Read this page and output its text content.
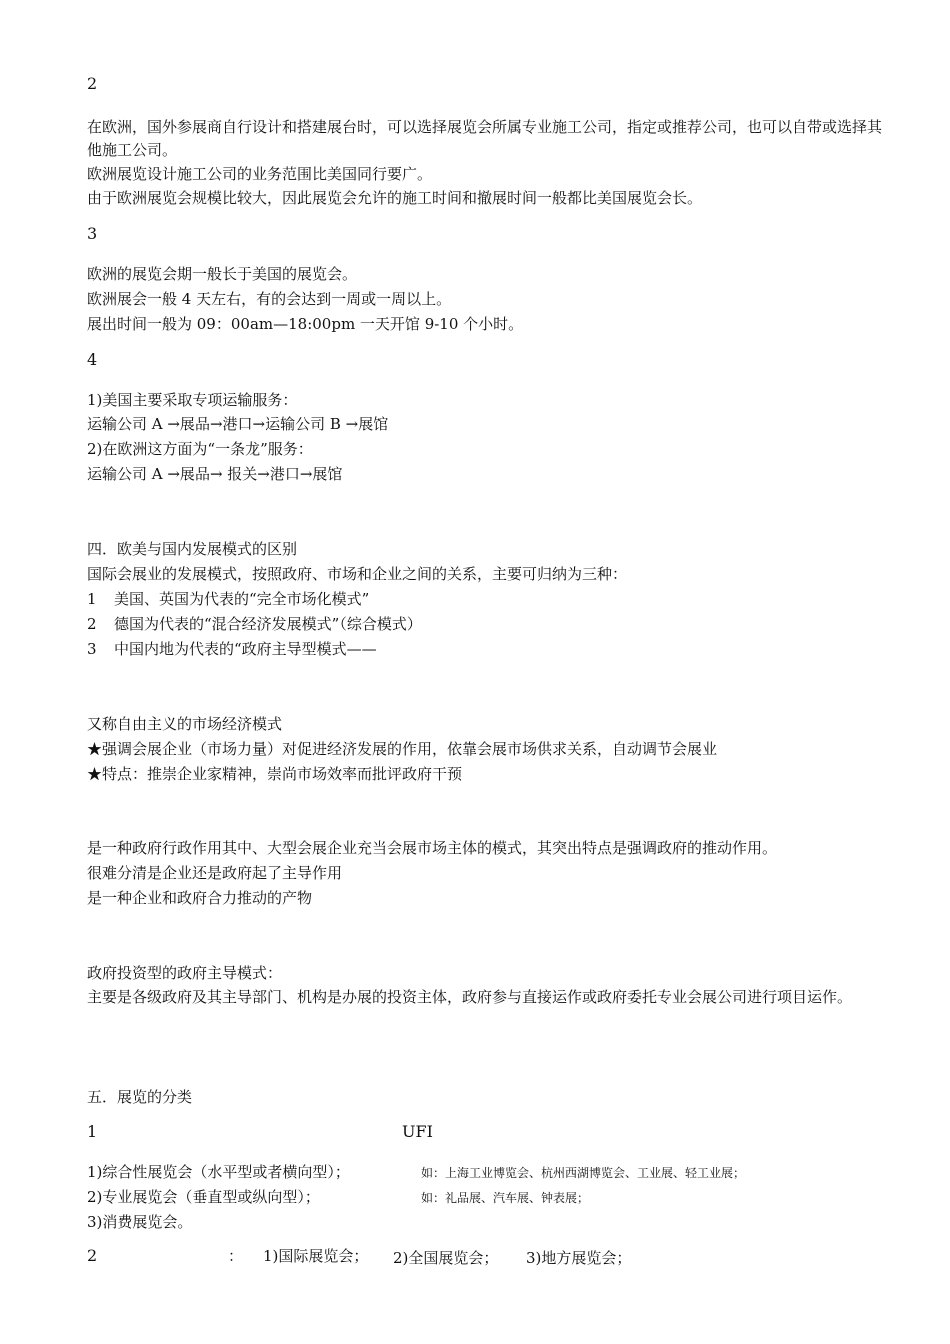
2
在欧洲，国外参展商自行设计和搭建展台时，可以选择展览会所属专业施工公司，指定或推荐公司，也可以自带或选择其他施工公司。
欧洲展览设计施工公司的业务范围比美国同行要广。
由于欧洲展览会规模比较大，因此展览会允许的施工时间和撤展时间一般都比美国展览会长。
3
欧洲的展览会期一般长于美国的展览会。
欧洲展会一般 4 天左右，有的会达到一周或一周以上。
展出时间一般为 09：00am—18:00pm 一天开馆 9-10 个小时。
4
1)美国主要采取专项运输服务：
运输公司 A →展品→港口→运输公司 B →展馆
2)在欧洲这方面为“一条龙”服务：
运输公司 A →展品→ 报关→港口→展馆
四．欧美与国内发展模式的区别
国际会展业的发展模式，按照政府、市场和企业之间的关系，主要可归纳为三种：
1 美国、英国为代表的“完全市场化模式”
2 德国为代表的“混合经济发展模式”（综合模式）
3 中国内地为代表的“政府主导型模式——
又称自由主义的市场经济模式
★强调会展企业（市场力量）对促进经济发展的作用，依靠会展市场供求关系，自动调节会展业
★特点：推崇企业家精神，崇尚市场效率而批评政府干预
是一种政府行政作用其中、大型会展企业充当会展市场主体的模式，其突出特点是强调政府的推动作用。
很难分清是企业还是政府起了主导作用
是一种企业和政府合力推动的产物
政府投资型的政府主导模式：
主要是各级政府及其主导部门、机构是办展的投资主体，政府参与直接运作或政府委托专业会展公司进行项目运作。
五．展览的分类
1	UFI
1)综合性展览会（水平型或者横向型）；	如：上海工业博览会、杭州西湖博览会、工业展、轻工业展；
2)专业展览会（垂直型或纵向型）；	如：礼品展、汽车展、钟表展；
3)消费展览会。
2	： 1)国际展览会； 2)全国展览会； 3)地方展览会；
